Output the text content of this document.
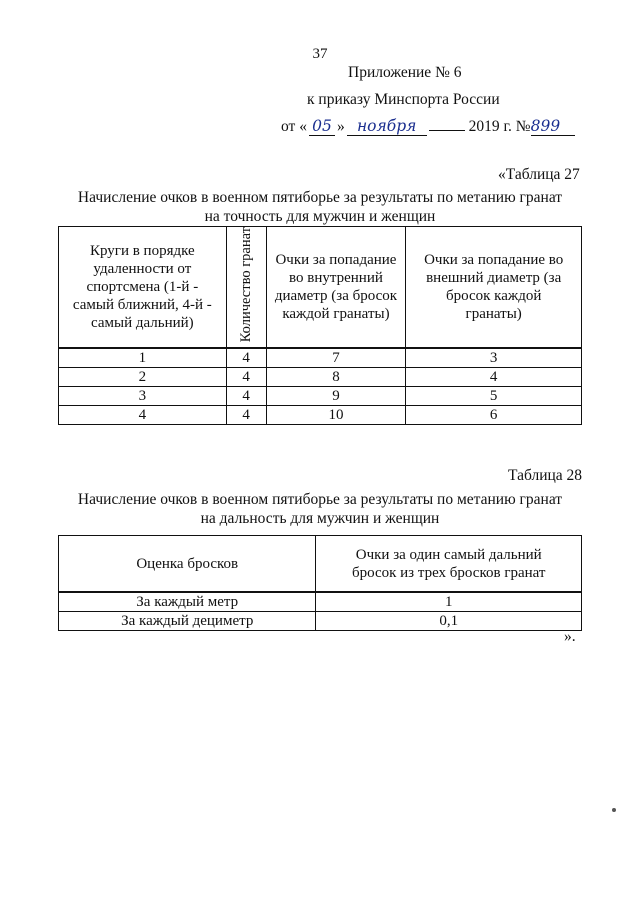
37
Приложение № 6
к приказу Минспорта России
от « 05 » ноября	2019 г. №899
«Таблица 27
Начисление очков в военном пятиборье за результаты по метанию гранат
на точность для мужчин и женщин
Круги в порядке удаленности от спортсмена (1-й - самый ближний, 4-й - самый дальний)	Количество гранат	Очки за попадание во внутренний диаметр (за бросок каждой гранаты)	Очки за попадание во внешний диаметр (за бросок каждой гранаты)
1	4	7	3
2	4	8	4
3	4	9	5
4	4	10	6
Таблица 28
Начисление очков в военном пятиборье за результаты по метанию гранат
на дальность для мужчин и женщин
Оценка бросков	Очки за один самый дальний бросок из трех бросков гранат
За каждый метр	1
За каждый дециметр	0,1
».
